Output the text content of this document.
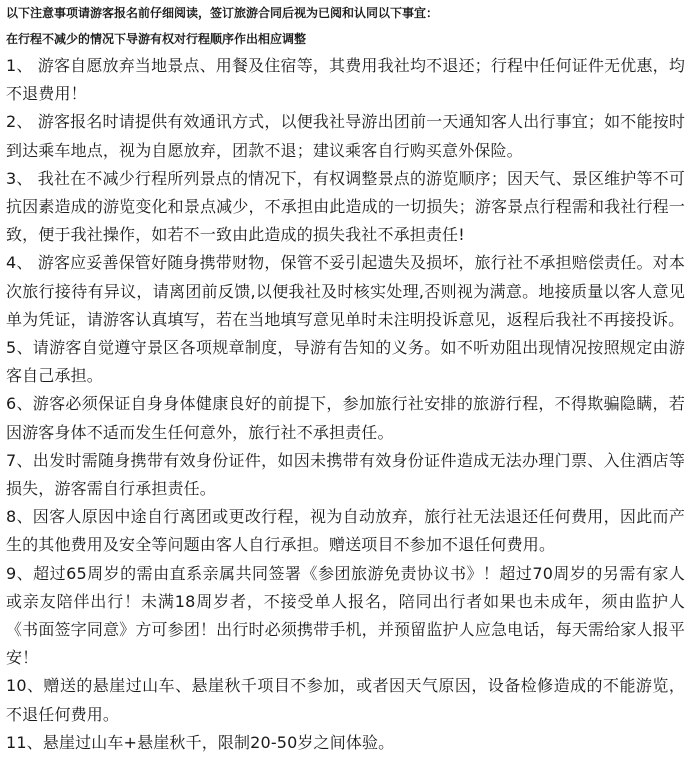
以下注意事项请游客报名前仔细阅读，签订旅游合同后视为已阅和认同以下事宜：
在行程不减少的情况下导游有权对行程顺序作出相应调整
1、 游客自愿放弃当地景点、用餐及住宿等，其费用我社均不退还；行程中任何证件无优惠，均不退费用！
2、 游客报名时请提供有效通讯方式，以便我社导游出团前一天通知客人出行事宜；如不能按时到达乘车地点，视为自愿放弃，团款不退；建议乘客自行购买意外保险。
3、 我社在不减少行程所列景点的情况下，有权调整景点的游览顺序；因天气、景区维护等不可抗因素造成的游览变化和景点减少，不承担由此造成的一切损失；游客景点行程需和我社行程一致，便于我社操作，如若不一致由此造成的损失我社不承担责任!
4、 游客应妥善保管好随身携带财物，保管不妥引起遗失及损坏，旅行社不承担赔偿责任。对本次旅行接待有异议，请离团前反馈,以便我社及时核实处理,否则视为满意。地接质量以客人意见单为凭证，请游客认真填写，若在当地填写意见单时未注明投诉意见，返程后我社不再接投诉。
5、请游客自觉遵守景区各项规章制度，导游有告知的义务。如不听劝阻出现情况按照规定由游客自己承担。
6、游客必须保证自身身体健康良好的前提下，参加旅行社安排的旅游行程，不得欺骗隐瞒，若因游客身体不适而发生任何意外，旅行社不承担责任。
7、出发时需随身携带有效身份证件，如因未携带有效身份证件造成无法办理门票、入住酒店等损失，游客需自行承担责任。
8、因客人原因中途自行离团或更改行程，视为自动放弃，旅行社无法退还任何费用，因此而产生的其他费用及安全等问题由客人自行承担。赠送项目不参加不退任何费用。
9、超过65周岁的需由直系亲属共同签署《参团旅游免责协议书》！超过70周岁的另需有家人或亲友陪伴出行！未满18周岁者，不接受单人报名，陪同出行者如果也未成年，须由监护人《书面签字同意》方可参团！出行时必须携带手机，并预留监护人应急电话，每天需给家人报平安！
10、赠送的悬崖过山车、悬崖秋千项目不参加，或者因天气原因，设备检修造成的不能游览，不退任何费用。
11、悬崖过山车+悬崖秋千，限制20-50岁之间体验。
